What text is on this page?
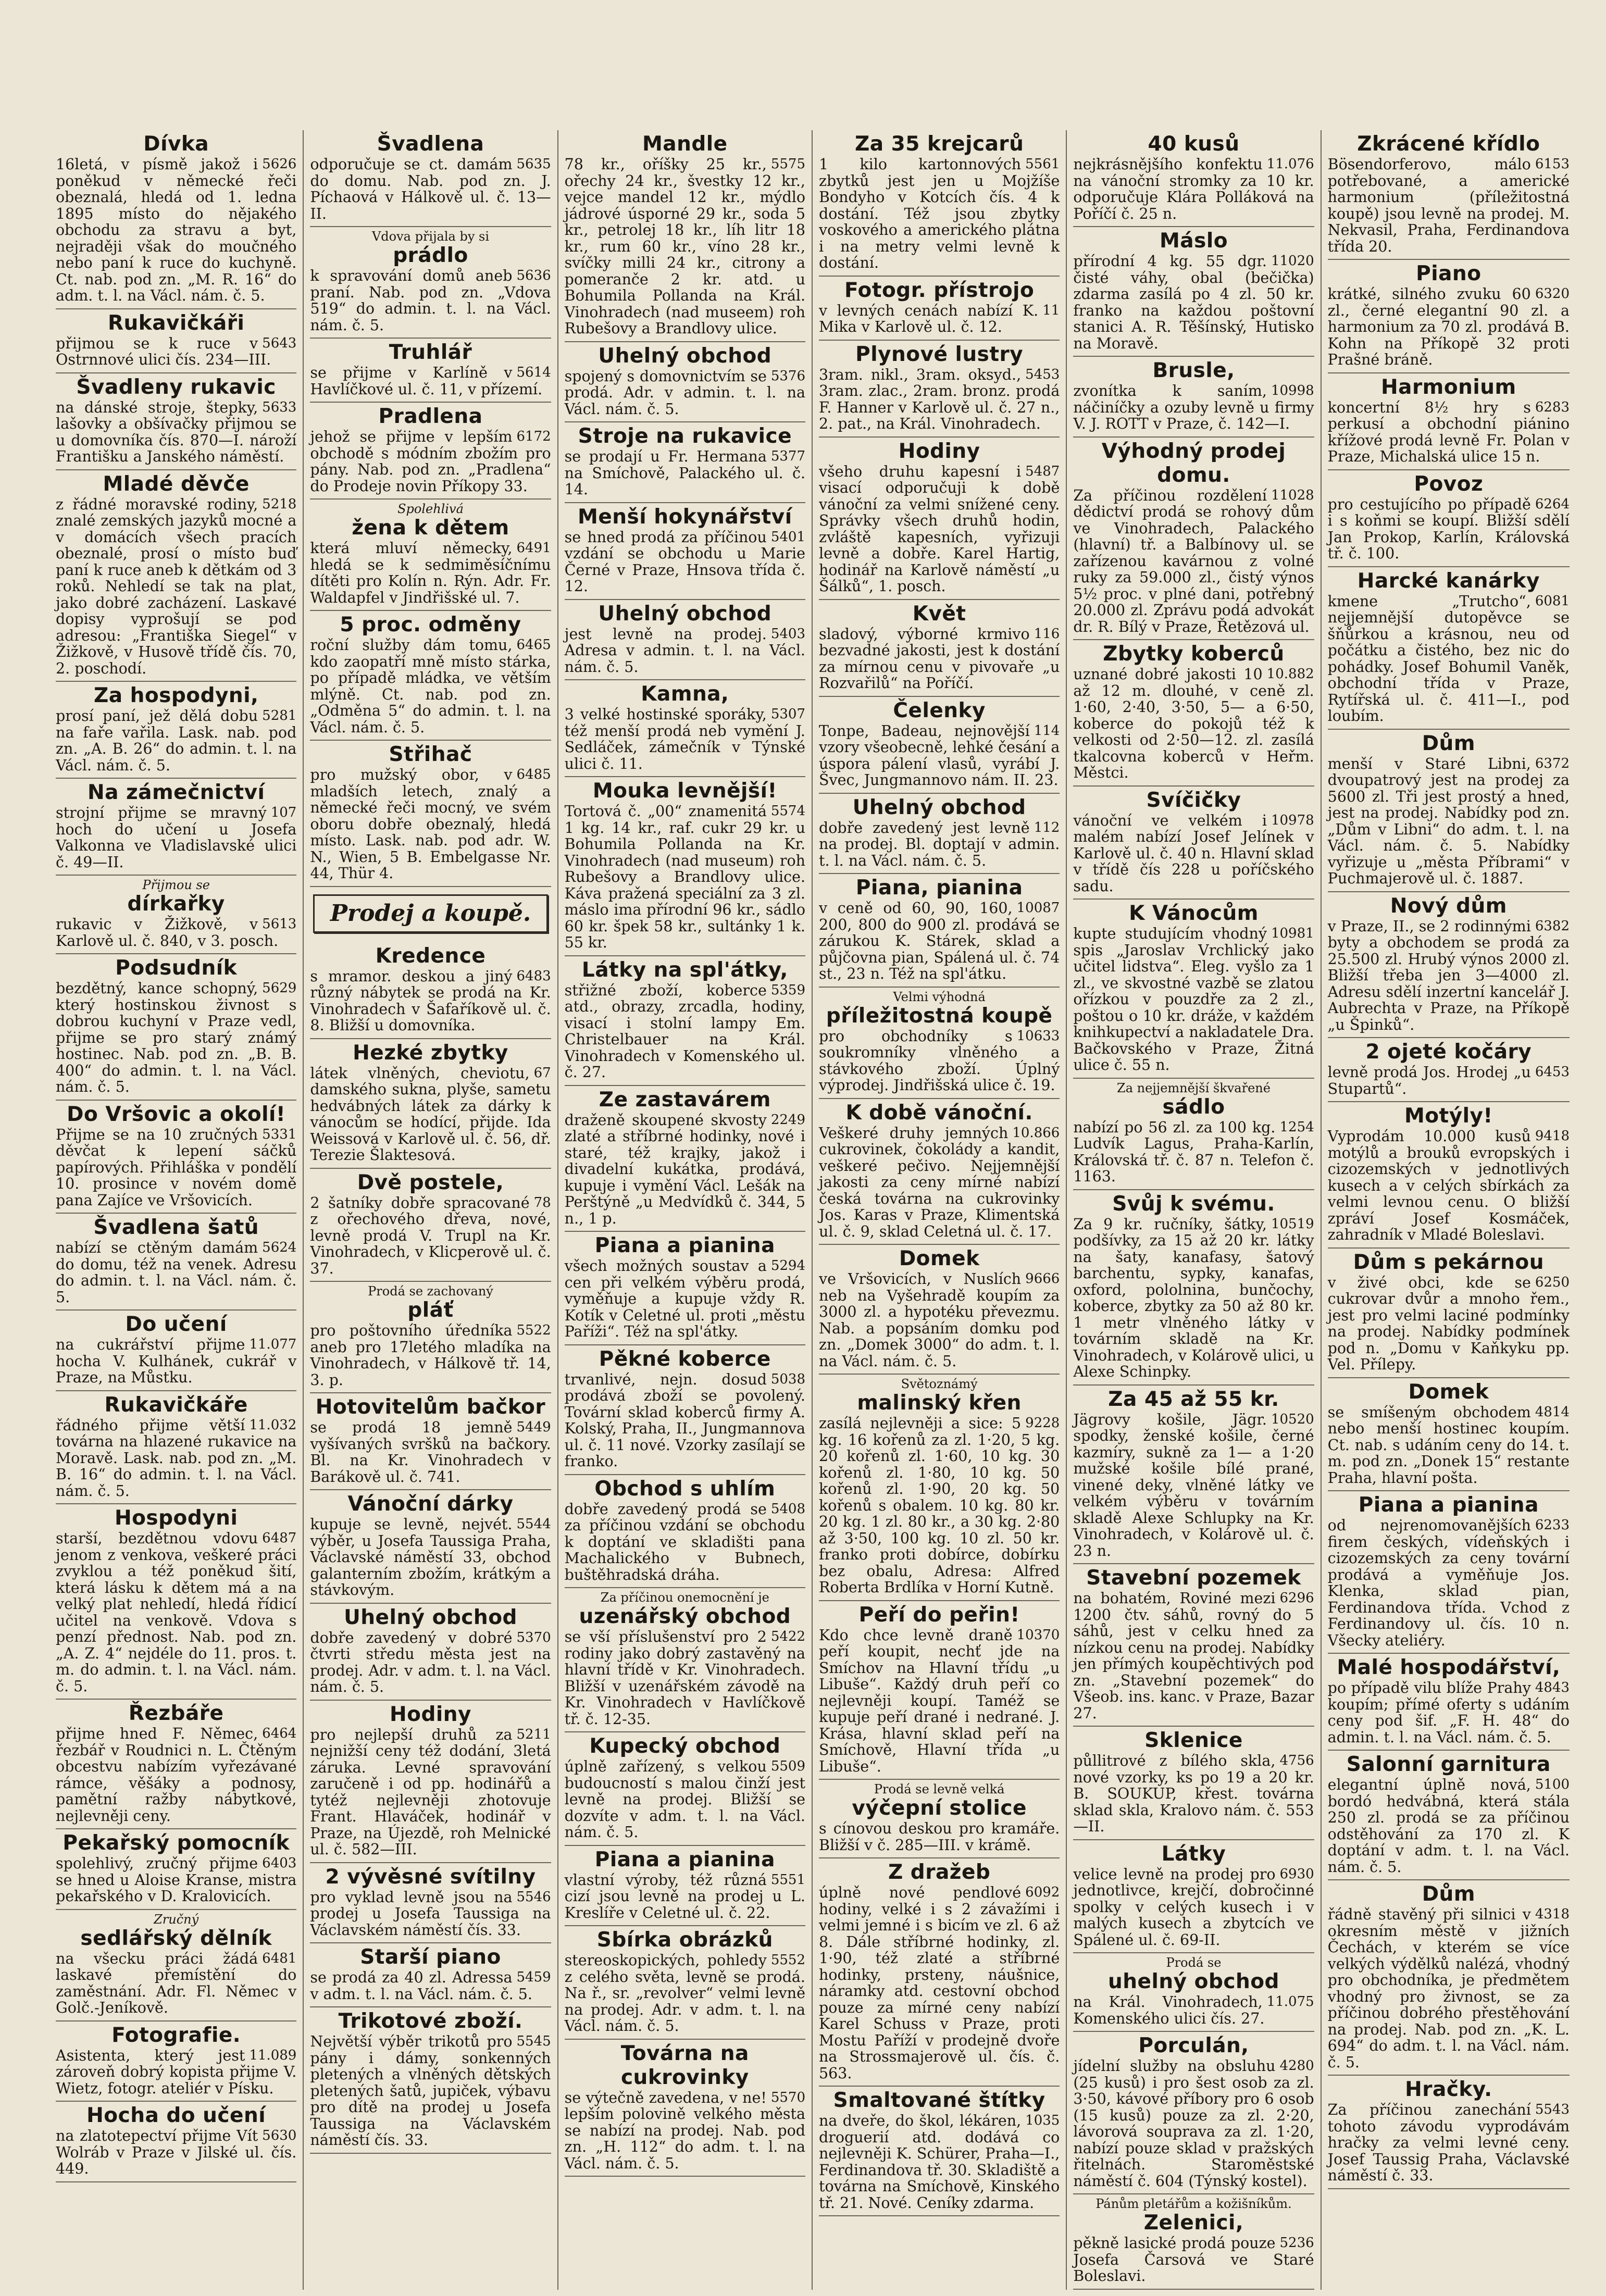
Dívka
5626
16letá, v písmě jakož i poněkud v německé řeči obeznalá, hledá od 1. ledna 1895 místo do nějakého obchodu za stravu a byt, nejraději však do moučného nebo paní k ruce do kuchyně. Ct. nab. pod zn. „M. R. 16“ do adm. t. l. na Václ. nám. č. 5.
Rukavičkáři
5643
přijmou se k ruce v Ostrnnové ulici čís. 234—III.
Švadleny rukavic
5633
na dánské stroje, štepky, lašovky a obšívačky přijmou se u domovníka čís. 870—I. nároží Františku a Janského náměstí.
Mladé děvče
5218
z řádné moravské rodiny, znalé zemských jazyků mocné a v domácích všech pracích obeznalé, prosí o místo buď paní k ruce aneb k dětkám od 3 roků. Nehledí se tak na plat, jako dobré zacházení. Laskavé dopisy vyprošují se pod adresou: „Františka Siegel“ v Žižkově, v Husově třídě čís. 70, 2. poschodí.
Za hospodyni,
5281
prosí paní, jež dělá dobu na faře vařila. Lask. nab. pod zn. „A. B. 26“ do admin. t. l. na Václ. nám. č. 5.
Na zámečnictví
107
strojní přijme se mravný hoch do učení u Josefa Valkonna ve Vladislavské ulici č. 49—II.
Přijmou se
dírkařky
5613
rukavic v Žižkově, v Karlově ul. č. 840, v 3. posch.
Podsudník
5629
bezdětný, kance schopný, který hostinskou živnost s dobrou kuchyní v Praze vedl, přijme se pro starý známý hostinec. Nab. pod zn. „B. B. 400“ do admin. t. l. na Václ. nám. č. 5.
Do Vršovic a okolí!
5331
Přijme se na 10 zručných děvčat k lepení sáčků papírových. Přihláška v pondělí 10. prosince v novém domě pana Zajíce ve Vršovicích.
Švadlena šatů
5624
nabízí se ctěným damám do domu, též na venek. Adresu do admin. t. l. na Václ. nám. č. 5.
Do učení
11.077
na cukrářství přijme hocha V. Kulhánek, cukrář v Praze, na Můstku.
Rukavičkáře
11.032
řádného přijme větší továrna na hlazené rukavice na Moravě. Lask. nab. pod zn. „M. B. 16“ do admin. t. l. na Václ. nám. č. 5.
Hospodyni
6487
starší, bezdětnou vdovu jenom z venkova, veškeré práci zvyklou a též poněkud šití, která lásku k dětem má a na velký plat nehledí, hledá řídicí učitel na venkově. Vdova s penzí přednost. Nab. pod zn. „A. Z. 4“ nejdéle do 11. pros. t. m. do admin. t. l. na Václ. nám. č. 5.
Řezbáře
6464
přijme hned F. Němec, řezbář v Roudnici n. L. Čtěným obcestvu nabízím vyřezávané rámce, věšáky a podnosy, pamětní ražby nábytkové, nejlevněji ceny.
Pekařský pomocník
6403
spolehlivý, zručný přijme se hned u Aloise Kranse, mistra pekařského v D. Kralovicích.
Zručný
sedlářský dělník
6481
na všecku práci žádá laskavé přemístění do zaměstnání. Adr. Fl. Němec v Golč.-Jeníkově.
Fotografie.
11.089
Asistenta, který jest zároveň dobrý kopista přijme V. Wietz, fotogr. ateliér v Písku.
Hocha do učení
5630
na zlatotepectví přijme Vít Wolráb v Praze v Jilské ul. čís. 449.
Švadlena
5635
odporučuje se ct. damám do domu. Nab. pod zn. J. Píchaová v Hálkově ul. č. 13—II.
Vdova přijala by si
prádlo
5636
k spravování domů aneb praní. Nab. pod zn. „Vdova 519“ do admin. t. l. na Václ. nám. č. 5.
Truhlář
5614
se přijme v Karlíně v Havlíčkové ul. č. 11, v přízemí.
Pradlena
6172
jehož se přijme v lepším obchodě s módním zbožím pro pány. Nab. pod zn. „Pradlena“ do Prodeje novin Příkopy 33.
Spolehlivá
žena k dětem
6491
která mluví německy, hledá se k sedmiměsíčnímu dítěti pro Kolín n. Rýn. Adr. Fr. Waldapfel v Jindřišské ul. 7.
5 proc. odměny
6465
roční služby dám tomu, kdo zaopatří mně místo stárka, po případě mládka, ve větším mlýně. Ct. nab. pod zn. „Odměna 5“ do admin. t. l. na Václ. nám. č. 5.
Střihač
6485
pro mužský obor, v mladších letech, znalý a německé řeči mocný, ve svém oboru dobře obeznalý, hledá místo. Lask. nab. pod adr. W. N., Wien, 5 B. Embelgasse Nr. 44, Thür 4.
Prodej a koupě.
Kredence
6483
s mramor. deskou a jiný různý nábytek se prodá na Kr. Vinohradech v Šafaříkově ul. č. 8. Bližší u domovníka.
Hezké zbytky
67
látek vlněných, cheviotu, damského sukna, plyše, sametu hedvábných látek za dárky k vánocům se hodící, přijde. Ida Weissová v Karlově ul. č. 56, dř. Terezie Šlaktesová.
Dvě postele,
78
2 šatníky dobře spracované z ořechového dřeva, nové, levně prodá V. Trupl na Kr. Vinohradech, v Klicperově ul. č. 37.
Prodá se zachovaný
pláť
5522
pro poštovního úředníka aneb pro 17letého mladíka na Vinohradech, v Hálkově tř. 14, 3. p.
Hotovitelům bačkor
5449
se prodá 18 jemně vyšívaných svršků na bačkory. Bl. na Kr. Vinohradech v Barákově ul. č. 741.
Vánoční dárky
5544
kupuje se levně, nejvét. výběr, u Josefa Taussiga Praha, Václavské náměstí 33, obchod galanterním zbožím, krátkým a stávkovým.
Uhelný obchod
5370
dobře zavedený v dobré čtvrti středu města jest na prodej. Adr. v adm. t. l. na Václ. nám. č. 5.
Hodiny
5211
pro nejlepší druhů za nejnižší ceny též dodání, 3letá záruka. Levné spravování zaručeně i od pp. hodinářů a tytéž nejlevněji zhotovuje Frant. Hlaváček, hodinář v Praze, na Újezdě, roh Melnické ul. č. 582—III.
2 vývěsné svítilny
5546
pro vyklad levně jsou na prodej u Josefa Taussiga na Václavském náměstí čís. 33.
Starší piano
5459
se prodá za 40 zl. Adressa v adm. t. l. na Václ. nám. č. 5.
Trikotové zboží.
5545
Největší výběr trikotů pro pány i dámy, sonkenných pletených a vlněných dětských pletených šatů, jupiček, výbavu pro dítě na prodej u Josefa Taussiga na Václavském náměstí čís. 33.
Mandle
5575
78 kr., oříšky 25 kr., ořechy 24 kr., švestky 12 kr., vejce mandel 12 kr., mýdlo jádrové úsporné 29 kr., soda 5 kr., petrolej 18 kr., líh litr 18 kr., rum 60 kr., víno 28 kr., svíčky milli 24 kr., citrony a pomeranče 2 kr. atd. u Bohumila Pollanda na Král. Vinohradech (nad museem) roh Rubešovy a Brandlovy ulice.
Uhelný obchod
5376
spojený s domovnictvím se prodá. Adr. v admin. t. l. na Václ. nám. č. 5.
Stroje na rukavice
5377
se prodají u Fr. Hermana na Smíchově, Palackého ul. č. 14.
Menší hokynářství
5401
se hned prodá za příčinou vzdání se obchodu u Marie Černé v Praze, Hnsova třída č. 12.
Uhelný obchod
5403
jest levně na prodej. Adresa v admin. t. l. na Václ. nám. č. 5.
Kamna,
5307
3 velké hostinské sporáky, též menší prodá neb vymění J. Sedláček, zámečník v Týnské ulici č. 11.
Mouka levnější!
5574
Tortová č. „00“ znamenitá 1 kg. 14 kr., raf. cukr 29 kr. u Bohumila Pollanda na Kr. Vinohradech (nad museum) roh Rubešovy a Brandlovy ulice. Káva pražená speciální za 3 zl. máslo ima přírodní 96 kr., sádlo 60 kr. špek 58 kr., sultánky 1 k. 55 kr.
Látky na spl'átky,
5359
střižné zboží, koberce atd., obrazy, zrcadla, hodiny, visací i stolní lampy Em. Christelbauer na Král. Vinohradech v Komenského ul. č. 27.
Ze zastavárem
2249
draženě skoupené skvosty zlaté a stříbrné hodinky, nové i staré, též krajky, jakož i divadelní kukátka, prodává, kupuje i vymění Václ. Lešák na Perštýně „u Medvídků č. 344, 5 n., 1 p.
Piana a pianina
5294
všech možných soustav a cen při velkém výběru prodá, vyměňuje a kupuje vždy R. Kotík v Celetné ul. proti „městu Paříži“. Též na spl'átky.
Pěkné koberce
5038
trvanlivé, nejn. dosud prodává zboží se povolený. Tovární sklad koberců firmy A. Kolský, Praha, II., Jungmannova ul. č. 11 nové. Vzorky zasílají se franko.
Obchod s uhlím
5408
dobře zavedený prodá se za příčinou vzdání se obchodu k doptání ve skladišti pana Machalického v Bubnech, buštěhradská dráha.
Za příčinou onemocnění je
uzenářský obchod
5422
se vší příslušenství pro 2 rodiny jako dobrý zastavěný na hlavní třídě v Kr. Vinohradech. Bližší v uzenářském závodě na Kr. Vinohradech v Havlíčkově tř. č. 12-35.
Kupecký obchod
5509
úplně zařízený, s velkou budoucností s malou činží jest levně na prodej. Bližší se dozvíte v adm. t. l. na Václ. nám. č. 5.
Piana a pianina
5551
vlastní výroby, též různá cizí jsou levně na prodej u L. Kreslíře v Celetné ul. č. 22.
Sbírka obrázků
5552
stereoskopických, pohledy z celého světa, levně se prodá. Na ř., sr. „revolver“ velmi levně na prodej. Adr. v adm. t. l. na Václ. nám. č. 5.
Továrna na cukrovinky
5570
se výtečně zavedena, v ne! lepším polovině velkého města se nabízí na prodej. Nab. pod zn. „H. 112“ do adm. t. l. na Václ. nám. č. 5.
Za 35 krejcarů
5561
1 kilo kartonnových zbytků jest jen u Mojžíše Bondyho v Kotcích čís. 4 k dostání. Též jsou zbytky voskového a amerického plátna i na metry velmi levně k dostání.
Fotogr. přístrojo
11
v levných cenách nabízí K. Mika v Karlově ul. č. 12.
Plynové lustry
5453
3ram. nikl., 3ram. oksyd., 3ram. zlac., 2ram. bronz. prodá F. Hanner v Karlově ul. č. 27 n., 2. pat., na Král. Vinohradech.
Hodiny
5487
všeho druhu kapesní i visací odporučuji k době vánoční za velmi snížené ceny. Správky všech druhů hodin, zvláště kapesních, vyřizuji levně a dobře. Karel Hartig, hodinář na Karlově náměstí „u Šálků“, 1. posch.
Květ
116
sladový, výborné krmivo bezvadné jakosti, jest k dostání za mírnou cenu v pivovaře „u Rozvařilů“ na Poříčí.
Čelenky
114
Tonpe, Badeau, nejnovější vzory všeobecně, lehké česání a úspora pálení vlasů, vyrábí J. Švec, Jungmannovo nám. II. 23.
Uhelný obchod
112
dobře zavedený jest levně na prodej. Bl. doptají v admin. t. l. na Václ. nám. č. 5.
Piana, pianina
10087
v ceně od 60, 90, 160, 200, 800 do 900 zl. prodává se zárukou K. Stárek, sklad a půjčovna pian, Spálená ul. č. 74 st., 23 n. Též na spl'átku.
Velmi výhodná
příležitostná koupě
10633
pro obchodníky s soukromníky vlněného a stávkového zboží. Úplný výprodej. Jindřišská ulice č. 19.
K době vánoční.
10.866
Veškeré druhy jemných cukrovinek, čokolády a kandit, veškeré pečivo. Nejjemnější jakosti za ceny mírné nabízí česká továrna na cukrovinky Jos. Karas v Praze, Klimentská ul. č. 9, sklad Celetná ul. č. 17.
Domek
9666
ve Vršovicích, v Nuslích neb na Vyšehradě koupím za 3000 zl. a hypotéku převezmu. Nab. a popsáním domku pod zn. „Domek 3000“ do adm. t. l. na Václ. nám. č. 5.
Světoznámý
malinský křen
9228
zasílá nejlevněji a sice: 5 kg. 16 kořenů za zl. 1·20, 5 kg. 20 kořenů zl. 1·60, 10 kg. 30 kořenů zl. 1·80, 10 kg. 50 kořenů zl. 1·90, 20 kg. 50 kořenů s obalem. 10 kg. 80 kr. 20 kg. 1 zl. 80 kr., a 30 kg. 2·80 až 3·50, 100 kg. 10 zl. 50 kr. franko proti dobírce, dobírku bez obalu, Adresa: Alfred Roberta Brdlíka v Horní Kutně.
Peří do peřin!
10370
Kdo chce levně draně peří koupit, nechť jde na Smíchov na Hlavní třídu „u Libuše“. Každý druh peří co nejlevněji koupí. Taméž se kupuje peří drané i nedrané. J. Krása, hlavní sklad peří na Smíchově, Hlavní třída „u Libuše“.
Prodá se levně velká
výčepní stolice
s cínovou deskou pro kramáře. Bližší v č. 285—III. v krámě.
Z dražeb
6092
úplně nové pendlové hodiny, velké i s 2 závažími i velmi jemné i s bicím ve zl. 6 až 8. Dále stříbrné hodinky, zl. 1·90, též zlaté a stříbrné hodinky, prsteny, náušnice, náramky atd. cestovní obchod pouze za mírné ceny nabízí Karel Schuss v Praze, proti Mostu Paříží v prodejně dvoře na Strossmajerově ul. čís. č. 563.
Smaltované štítky
1035
na dveře, do škol, lékáren, droguerií atd. dodává co nejlevněji K. Schürer, Praha—I., Ferdinandova tř. 30. Skladiště a továrna na Smíchově, Kinského tř. 21. Nové. Ceníky zdarma.
40 kusů
11.076
nejkrásnějšího konfektu na vánoční stromky za 10 kr. odporučuje Klára Polláková na Poříčí č. 25 n.
Máslo
11020
přírodní 4 kg. 55 dgr. čisté váhy, obal (bečička) zdarma zasílá po 4 zl. 50 kr. franko na každou poštovní stanici A. R. Těšínský, Hutisko na Moravě.
Brusle,
10998
zvonítka k saním, náčiníčky a ozuby levně u firmy V. J. ROTT v Praze, č. 142—I.
Výhodný prodej domu.
11028
Za příčinou rozdělení dědictví prodá se rohový dům ve Vinohradech, Palackého (hlavní) tř. a Balbínovy ul. se zařízenou kavárnou z volné ruky za 59.000 zl., čistý výnos 5½ proc. v plné dani, potřebný 20.000 zl. Zprávu podá advokát dr. R. Bílý v Praze, Řetězová ul.
Zbytky koberců
10.882
uznané dobré jakosti 10 až 12 m. dlouhé, v ceně zl. 1·60, 2·40, 3·50, 5— a 6·50, koberce do pokojů též k velkosti od 2·50—12. zl. zasílá tkalcovna koberců v Heřm. Městci.
Svíčičky
10978
vánoční ve velkém i malém nabízí Josef Jelínek v Karlově ul. č. 40 n. Hlavní sklad v třídě čís 228 u poříčského sadu.
K Vánocům
10981
kupte studujícím vhodný spis „Jaroslav Vrchlický jako učitel lidstva“. Eleg. vyšlo za 1 zl., ve skvostné vazbě se zlatou ořízkou v pouzdře za 2 zl., poštou o 10 kr. dráže, v každém knihkupectví a nakladatele Dra. Bačkovského v Praze, Žitná ulice č. 55 n.
Za nejjemnější škvařené
sádlo
1254
nabízí po 56 zl. za 100 kg. Ludvík Lagus, Praha-Karlín, Královská tř. č. 87 n. Telefon č. 1163.
Svůj k svému.
10519
Za 9 kr. ručníky, šátky, podšívky, za 15 až 20 kr. látky na šaty, kanafasy, šatový barchentu, sypky, kanafas, oxford, pololnina, bunčochy, koberce, zbytky za 50 až 80 kr. 1 metr vlněného látky v továrním skladě na Kr. Vinohradech, v Kolárově ulici, u Alexe Schinpky.
Za 45 až 55 kr.
10520
Jägrovy košile, Jägr. spodky, ženské košile, černé kazmíry, sukně za 1— a 1·20 mužské košile bílé prané, vinené deky, vlněné látky ve velkém výběru v továrním skladě Alexe Schlupky na Kr. Vinohradech, v Kolárově ul. č. 23 n.
Stavební pozemek
6296
na bohatém, Roviné mezi 1200 čtv. sáhů, rovný do 5 sáhů, jest v celku hned za nízkou cenu na prodej. Nabídky jen přímých koupěchtivých pod zn. „Stavební pozemek“ do Všeob. ins. kanc. v Praze, Bazar 27.
Sklenice
4756
půllitrové z bílého skla, nové vzorky, ks po 19 a 20 kr. B. SOUKUP, křest. továrna sklad skla, Kralovo nám. č. 553—II.
Látky
6930
velice levně na prodej pro jednotlivce, krejčí, dobročinné spolky v celých kusech i v malých kusech a zbytcích ve Spálené ul. č. 69-II.
Prodá se
uhelný obchod
11.075
na Král. Vinohradech, Komenského ulici čís. 27.
Porculán,
4280
jídelní služby na obsluhu (25 kusů) i pro šest osob za zl. 3·50, kávové příbory pro 6 osob (15 kusů) pouze za zl. 2·20, lávorová souprava za zl. 1·20, nabízí pouze sklad v pražských řitelnách. Staroměstské náměstí č. 604 (Týnský kostel).
Pánům pletářům a kožišníkům.
Zelenici,
5236
pěkně lasické prodá pouze Josefa Čarsová ve Staré Boleslavi.
Zkrácené křídlo
6153
Bösendorferovo, málo potřebované, a americké harmonium (příležitostná koupě) jsou levně na prodej. M. Nekvasil, Praha, Ferdinandova třída 20.
Piano
6320
krátké, silného zvuku 60 zl., černé elegantní 90 zl. a harmonium za 70 zl. prodává B. Kohn na Příkopě 32 proti Prašné bráně.
Harmonium
6283
koncertní 8½ hry s perkusí a obchodní piánino křížové prodá levně Fr. Polan v Praze, Michalská ulice 15 n.
Povoz
6264
pro cestujícího po případě i s koňmi se koupí. Bližší sdělí Jan Prokop, Karlín, Královská tř. č. 100.
Harcké kanárky
6081
kmene „Trutcho“, nejjemnější dutopěvce se šňůrkou a krásnou, neu od počátku a čistého, bez nic do pohádky. Josef Bohumil Vaněk, obchodní třída v Praze, Rytířská ul. č. 411—I., pod loubím.
Dům
6372
menší v Staré Libni, dvoupatrový jest na prodej za 5600 zl. Tři jest prostý a hned, jest na prodej. Nabídky pod zn. „Dům v Libni“ do adm. t. l. na Václ. nám. č. 5. Nabídky vyřizuje u „města Příbrami“ v Puchmajerově ul. č. 1887.
Nový dům
6382
v Praze, II., se 2 rodinnými byty a obchodem se prodá za 25.500 zl. Hrubý výnos 2000 zl. Bližší třeba jen 3—4000 zl. Adresu sdělí inzertní kancelář J. Aubrechta v Praze, na Příkopě „u Špinků“.
2 ojeté kočáry
6453
levně prodá Jos. Hrodej „u Stupartů“.
Motýly!
9418
Vyprodám 10.000 kusů motýlů a brouků evropských i cizozemských v jednotlivých kusech a v celých sbírkách za velmi levnou cenu. O bližší zpráví Josef Kosmáček, zahradník v Mladé Boleslavi.
Dům s pekárnou
6250
v živé obci, kde se cukrovar dvůr a mnoho řem., jest pro velmi laciné podmínky na prodej. Nabídky podmínek pod n. „Domu v Kaňkyku pp. Vel. Přílepy.
Domek
4814
se smíšeným obchodem nebo menší hostinec koupím. Ct. nab. s udáním ceny do 14. t. m. pod zn. „Donek 15“ restante Praha, hlavní pošta.
Piana a pianina
6233
od nejrenomovanějších firem českých, vídeňských i cizozemských za ceny tovární prodává a vyměňuje Jos. Klenka, sklad pian, Ferdinandova třída. Vchod z Ferdinandovy ul. čís. 10 n. Všecky ateliéry.
Malé hospodářství,
4843
po případě vilu blíže Prahy koupím; přímé oferty s udáním ceny pod šif. „F. H. 48“ do admin. t. l. na Václ. nám. č. 5.
Salonní garnitura
5100
elegantní úplně nová, bordó hedvábná, která stála 250 zl. prodá se za příčinou odstěhování za 170 zl. K doptání v adm. t. l. na Václ. nám. č. 5.
Dům
4318
řádně stavěný při silnici v okresním městě v jižních Čechách, v kterém se více velkých výdělků nalézá, vhodný pro obchodníka, je předmětem vhodný pro živnost, se za příčinou dobrého přestěhování na prodej. Nab. pod zn. „K. L. 694“ do adm. t. l. na Václ. nám. č. 5.
Hračky.
5543
Za příčinou zanechání tohoto závodu vyprodávám hračky za velmi levné ceny. Josef Taussig Praha, Václavské náměstí č. 33.
